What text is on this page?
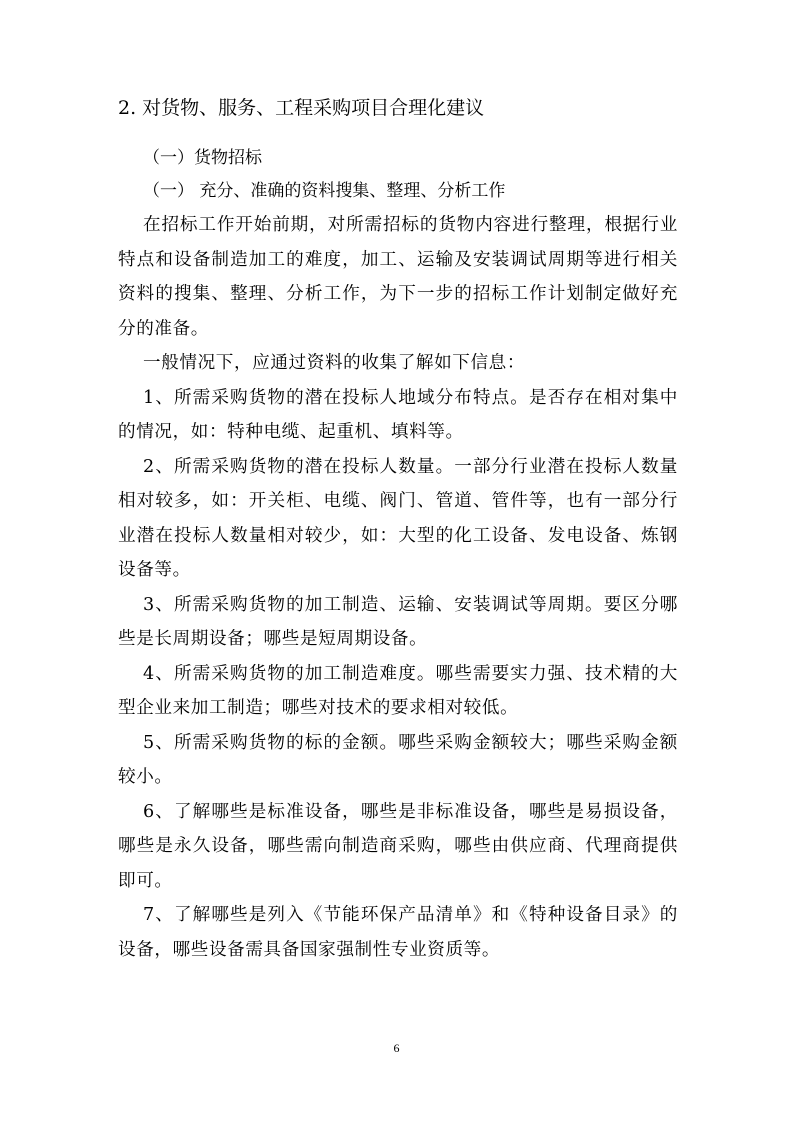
2. 对货物、服务、工程采购项目合理化建议
（一）货物招标
（一） 充分、准确的资料搜集、整理、分析工作

在招标工作开始前期，对所需招标的货物内容进行整理，根据行业特点和设备制造加工的难度，加工、运输及安装调试周期等进行相关资料的搜集、整理、分析工作，为下一步的招标工作计划制定做好充分的准备。

一般情况下，应通过资料的收集了解如下信息：

1、所需采购货物的潜在投标人地域分布特点。是否存在相对集中的情况，如：特种电缆、起重机、填料等。

2、所需采购货物的潜在投标人数量。一部分行业潜在投标人数量相对较多，如：开关柜、电缆、阀门、管道、管件等，也有一部分行业潜在投标人数量相对较少，如：大型的化工设备、发电设备、炼钢设备等。

3、所需采购货物的加工制造、运输、安装调试等周期。要区分哪些是长周期设备；哪些是短周期设备。

4、所需采购货物的加工制造难度。哪些需要实力强、技术精的大型企业来加工制造；哪些对技术的要求相对较低。

5、所需采购货物的标的金额。哪些采购金额较大；哪些采购金额较小。

6、了解哪些是标准设备，哪些是非标准设备，哪些是易损设备，哪些是永久设备，哪些需向制造商采购，哪些由供应商、代理商提供即可。

7、了解哪些是列入《节能环保产品清单》和《特种设备目录》的设备，哪些设备需具备国家强制性专业资质等。

6
